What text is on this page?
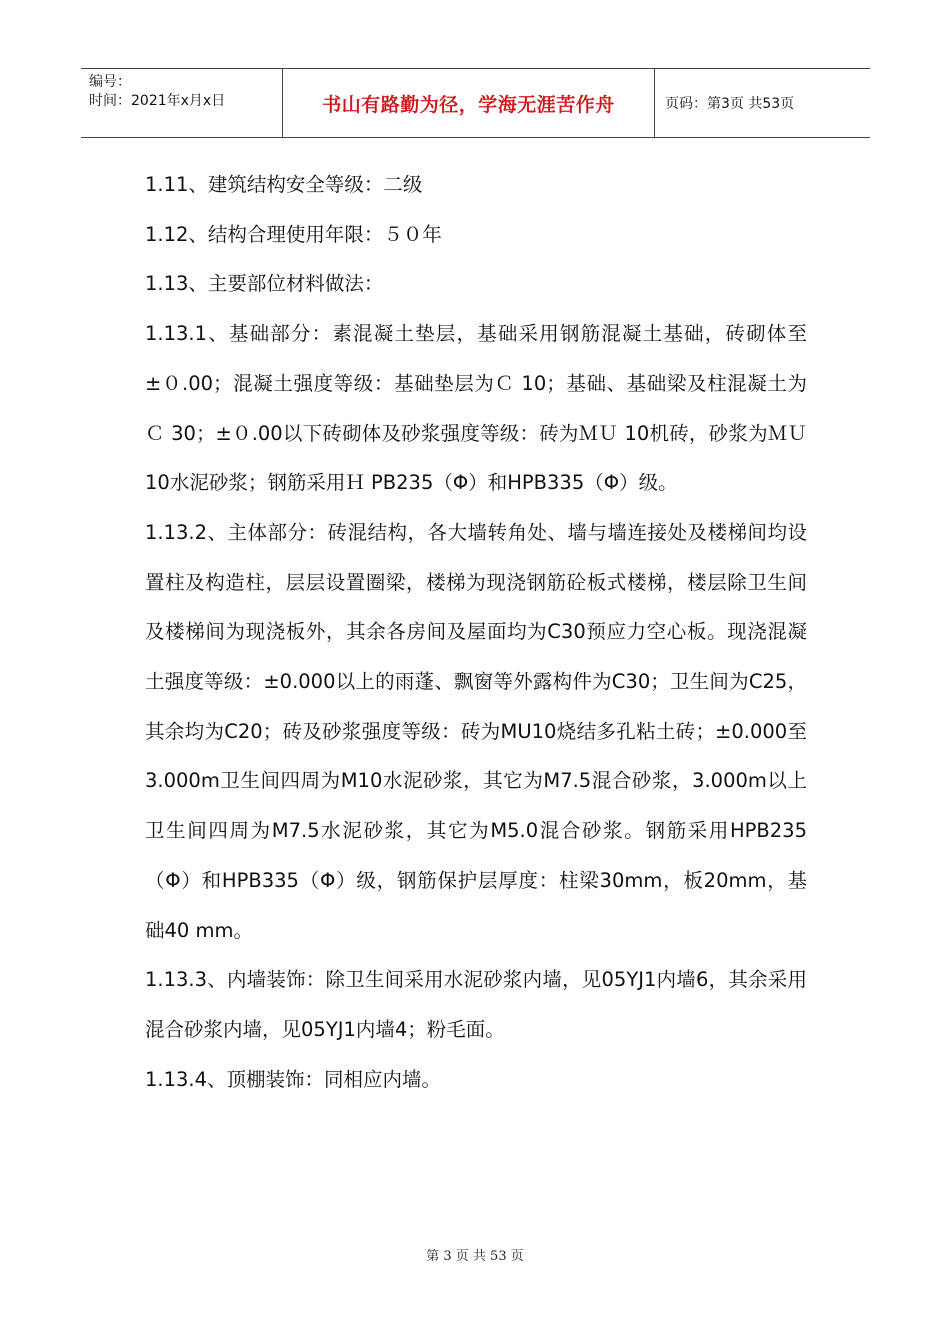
编号：
时间：2021年x月x日	书山有路勤为径，学海无涯苦作舟	页码：第3页 共53页

1.11、建筑结构安全等级：二级

1.12、结构合理使用年限：５０年

1.13、主要部位材料做法：

1.13.1、基础部分：素混凝土垫层，基础采用钢筋混凝土基础，砖砌体至±０.00；混凝土强度等级：基础垫层为Ｃ 10；基础、基础梁及柱混凝土为Ｃ 30；±０.00以下砖砌体及砂浆强度等级：砖为ＭＵ 10机砖，砂浆为ＭＵ 10水泥砂浆；钢筋采用Ｈ PB235（Φ）和HPB335（Φ）级。

1.13.2、主体部分：砖混结构，各大墙转角处、墙与墙连接处及楼梯间均设置柱及构造柱，层层设置圈梁，楼梯为现浇钢筋砼板式楼梯，楼层除卫生间及楼梯间为现浇板外，其余各房间及屋面均为C30预应力空心板。现浇混凝土强度等级：±0.000以上的雨蓬、飘窗等外露构件为C30；卫生间为C25，其余均为C20；砖及砂浆强度等级：砖为MU10烧结多孔粘土砖；±0.000至3.000m卫生间四周为M10水泥砂浆，其它为M7.5混合砂浆，3.000m以上卫生间四周为M7.5水泥砂浆，其它为M5.0混合砂浆。钢筋采用HPB235（Φ）和HPB335（Φ）级，钢筋保护层厚度：柱梁30mm，板20mm，基础40 mm。

1.13.3、内墙装饰：除卫生间采用水泥砂浆内墙，见05YJ1内墙6，其余采用混合砂浆内墙，见05YJ1内墙4；粉毛面。

1.13.4、顶棚装饰：同相应内墙。

第 3 页 共 53 页
